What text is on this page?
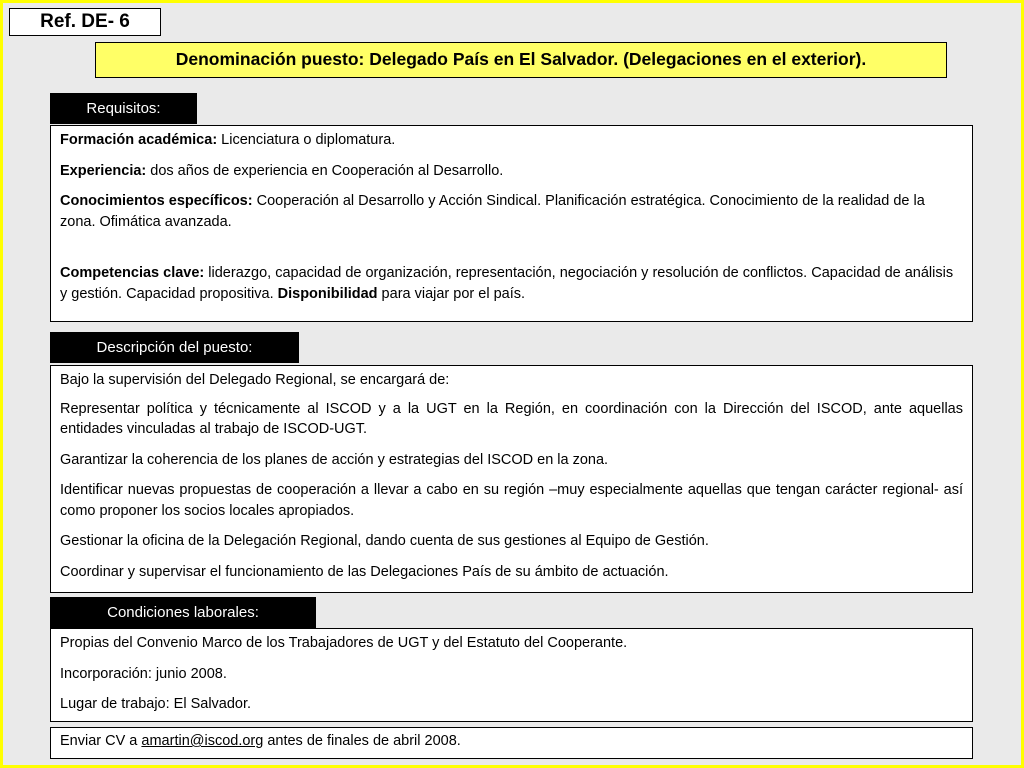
Ref. DE- 6
Denominación puesto: Delegado País en El Salvador. (Delegaciones en el exterior).
Requisitos:

Formación académica: Licenciatura o diplomatura.

Experiencia: dos años de experiencia en Cooperación al Desarrollo.

Conocimientos específicos: Cooperación al Desarrollo y Acción Sindical. Planificación estratégica. Conocimiento de la realidad de la zona. Ofimática avanzada.

Competencias clave: liderazgo, capacidad de organización, representación, negociación y resolución de conflictos. Capacidad de análisis y gestión. Capacidad propositiva. Disponibilidad para viajar por el país.

Descripción del puesto:

Bajo la supervisión del Delegado Regional, se encargará de:

Representar política y técnicamente al ISCOD y a la UGT en la Región, en coordinación con la Dirección del ISCOD, ante aquellas entidades vinculadas al trabajo de ISCOD-UGT.

Garantizar la coherencia de los planes de acción y estrategias del ISCOD en la zona.

Identificar nuevas propuestas de cooperación a llevar a cabo en su región –muy especialmente aquellas que tengan carácter regional- así como proponer los socios locales apropiados.

Gestionar la oficina de la Delegación Regional, dando cuenta de sus gestiones al Equipo de Gestión.

Coordinar y supervisar el funcionamiento de las Delegaciones País de su ámbito de actuación.

Condiciones laborales:

Propias del Convenio Marco de los Trabajadores de UGT y del Estatuto del Cooperante.

Incorporación: junio 2008.

Lugar de trabajo: El Salvador.

Enviar CV a amartin@iscod.org antes de finales de abril 2008.
